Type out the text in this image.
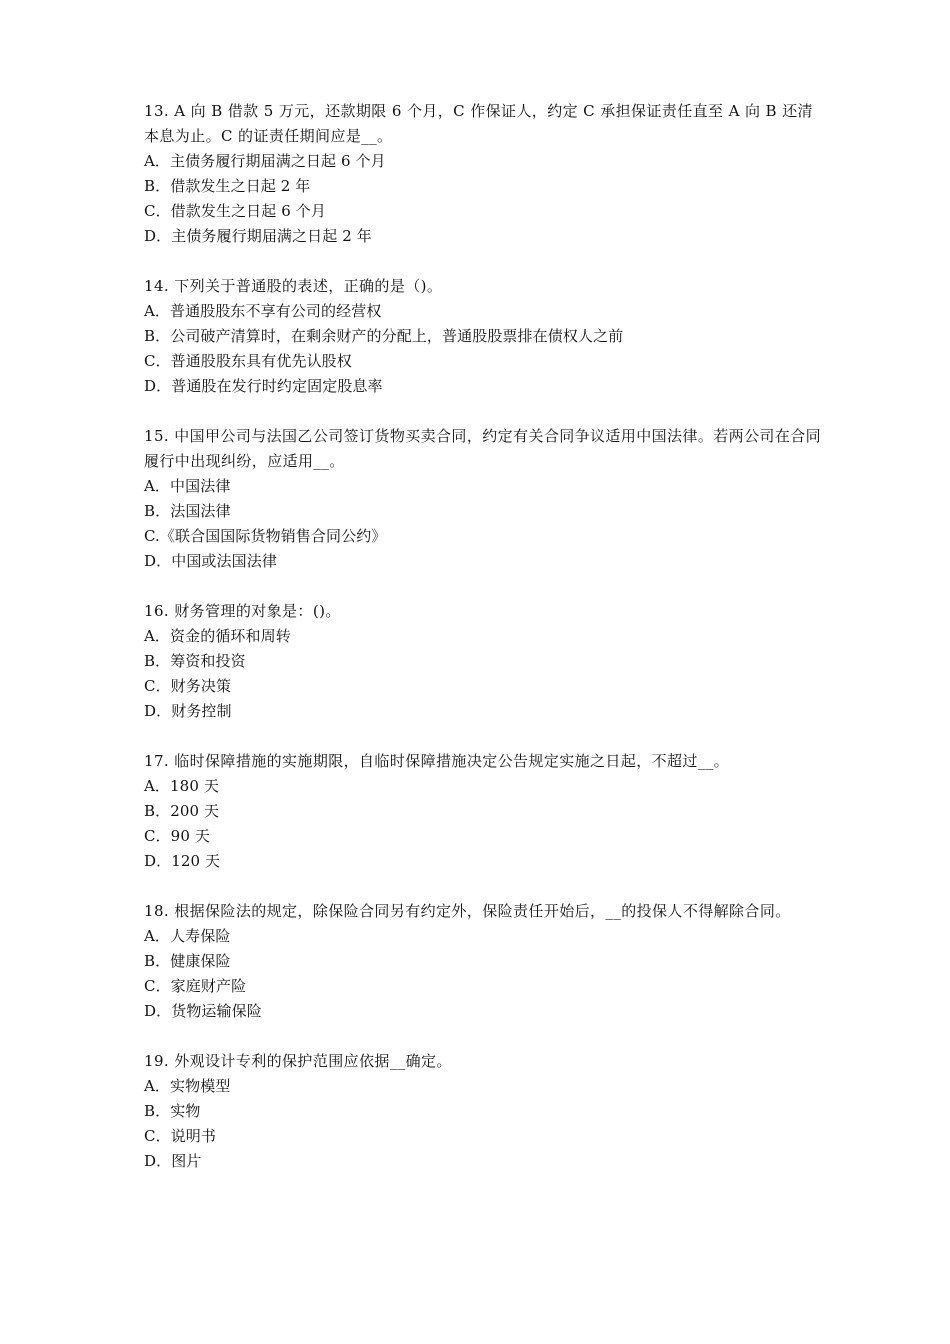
13. A 向 B 借款 5 万元，还款期限 6 个月，C 作保证人，约定 C 承担保证责任直至 A 向 B 还清本息为止。C 的证责任期间应是__。
A．主债务履行期届满之日起 6 个月
B．借款发生之日起 2 年
C．借款发生之日起 6 个月
D．主债务履行期届满之日起 2 年
14. 下列关于普通股的表述，正确的是（)。
A．普通股股东不享有公司的经营权
B．公司破产清算时，在剩余财产的分配上，普通股股票排在债权人之前
C．普通股股东具有优先认股权
D．普通股在发行时约定固定股息率
15. 中国甲公司与法国乙公司签订货物买卖合同，约定有关合同争议适用中国法律。若两公司在合同履行中出现纠纷，应适用__。
A．中国法律
B．法国法律
C.《联合国国际货物销售合同公约》
D．中国或法国法律
16. 财务管理的对象是：()。
A．资金的循环和周转
B．筹资和投资
C．财务决策
D．财务控制
17. 临时保障措施的实施期限，自临时保障措施决定公告规定实施之日起，不超过__。
A．180 天
B．200 天
C．90 天
D．120 天
18. 根据保险法的规定，除保险合同另有约定外，保险责任开始后，__的投保人不得解除合同。
A．人寿保险
B．健康保险
C．家庭财产险
D．货物运输保险
19. 外观设计专利的保护范围应依据__确定。
A．实物模型
B．实物
C．说明书
D．图片
